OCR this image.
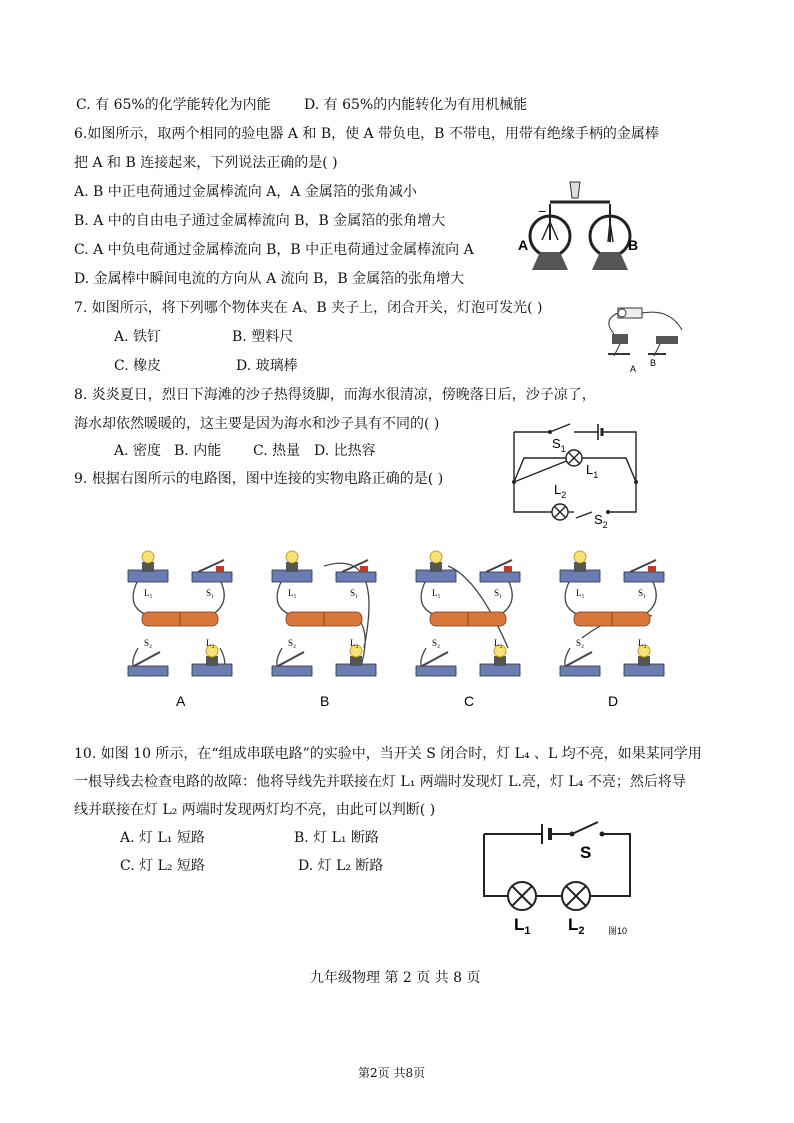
C. 有 65%的化学能转化为内能 D. 有 65%的内能转化为有用机械能
6.如图所示，取两个相同的验电器 A 和 B，使 A 带负电，B 不带电，用带有绝缘手柄的金属棒
把 A 和 B 连接起来，下列说法正确的是( )
A. B 中正电荷通过金属棒流向 A，A 金属箔的张角减小
B. A 中的自由电子通过金属棒流向 B，B 金属箔的张角增大
C. A 中负电荷通过金属棒流向 B，B 中正电荷通过金属棒流向 A
D. 金属棒中瞬间电流的方向从 A 流向 B，B 金属箔的张角增大
−
A	B
7. 如图所示，将下列哪个物体夹在 A、B 夹子上，闭合开关，灯泡可发光( )
A. 铁钉	B. 塑料尺
C. 橡皮	D. 玻璃棒	A
B
8. 炎炎夏日，烈日下海滩的沙子热得烫脚，而海水很清凉，傍晚落日后，沙子凉了，
海水却依然暖暖的，这主要是因为海水和沙子具有不同的( )
A. 密度 B. 内能 C. 热量 D. 比热容
9. 根据右图所示的电路图，图中连接的实物电路正确的是( )
$S_1$
$L_1$
$L_2$
$S_2$
L₁	S₁
S₂	L₂
A
L₁	S₁
S₂	L₂
B
L₁	S₁
S₂	L₂
C
L₁	S₁
S₂	L₂
D
10. 如图 10 所示，在“组成串联电路”的实验中，当开关 S 闭合时，灯 L₄ 、L 均不亮，如果某同学用
一根导线去检查电路的故障：他将导线先并联接在灯 L₁ 两端时发现灯 L.亮，灯 L₄ 不亮；然后将导
线并联接在灯 L₂ 两端时发现两灯均不亮，由此可以判断( )
A. 灯 L₁ 短路	B. 灯 L₁ 断路
C. 灯 L₂ 短路	D. 灯 L₂ 断路
S
$L_1$ $L_2$	图10
九年级物理 第 2 页 共 8 页
第2页 共8页
